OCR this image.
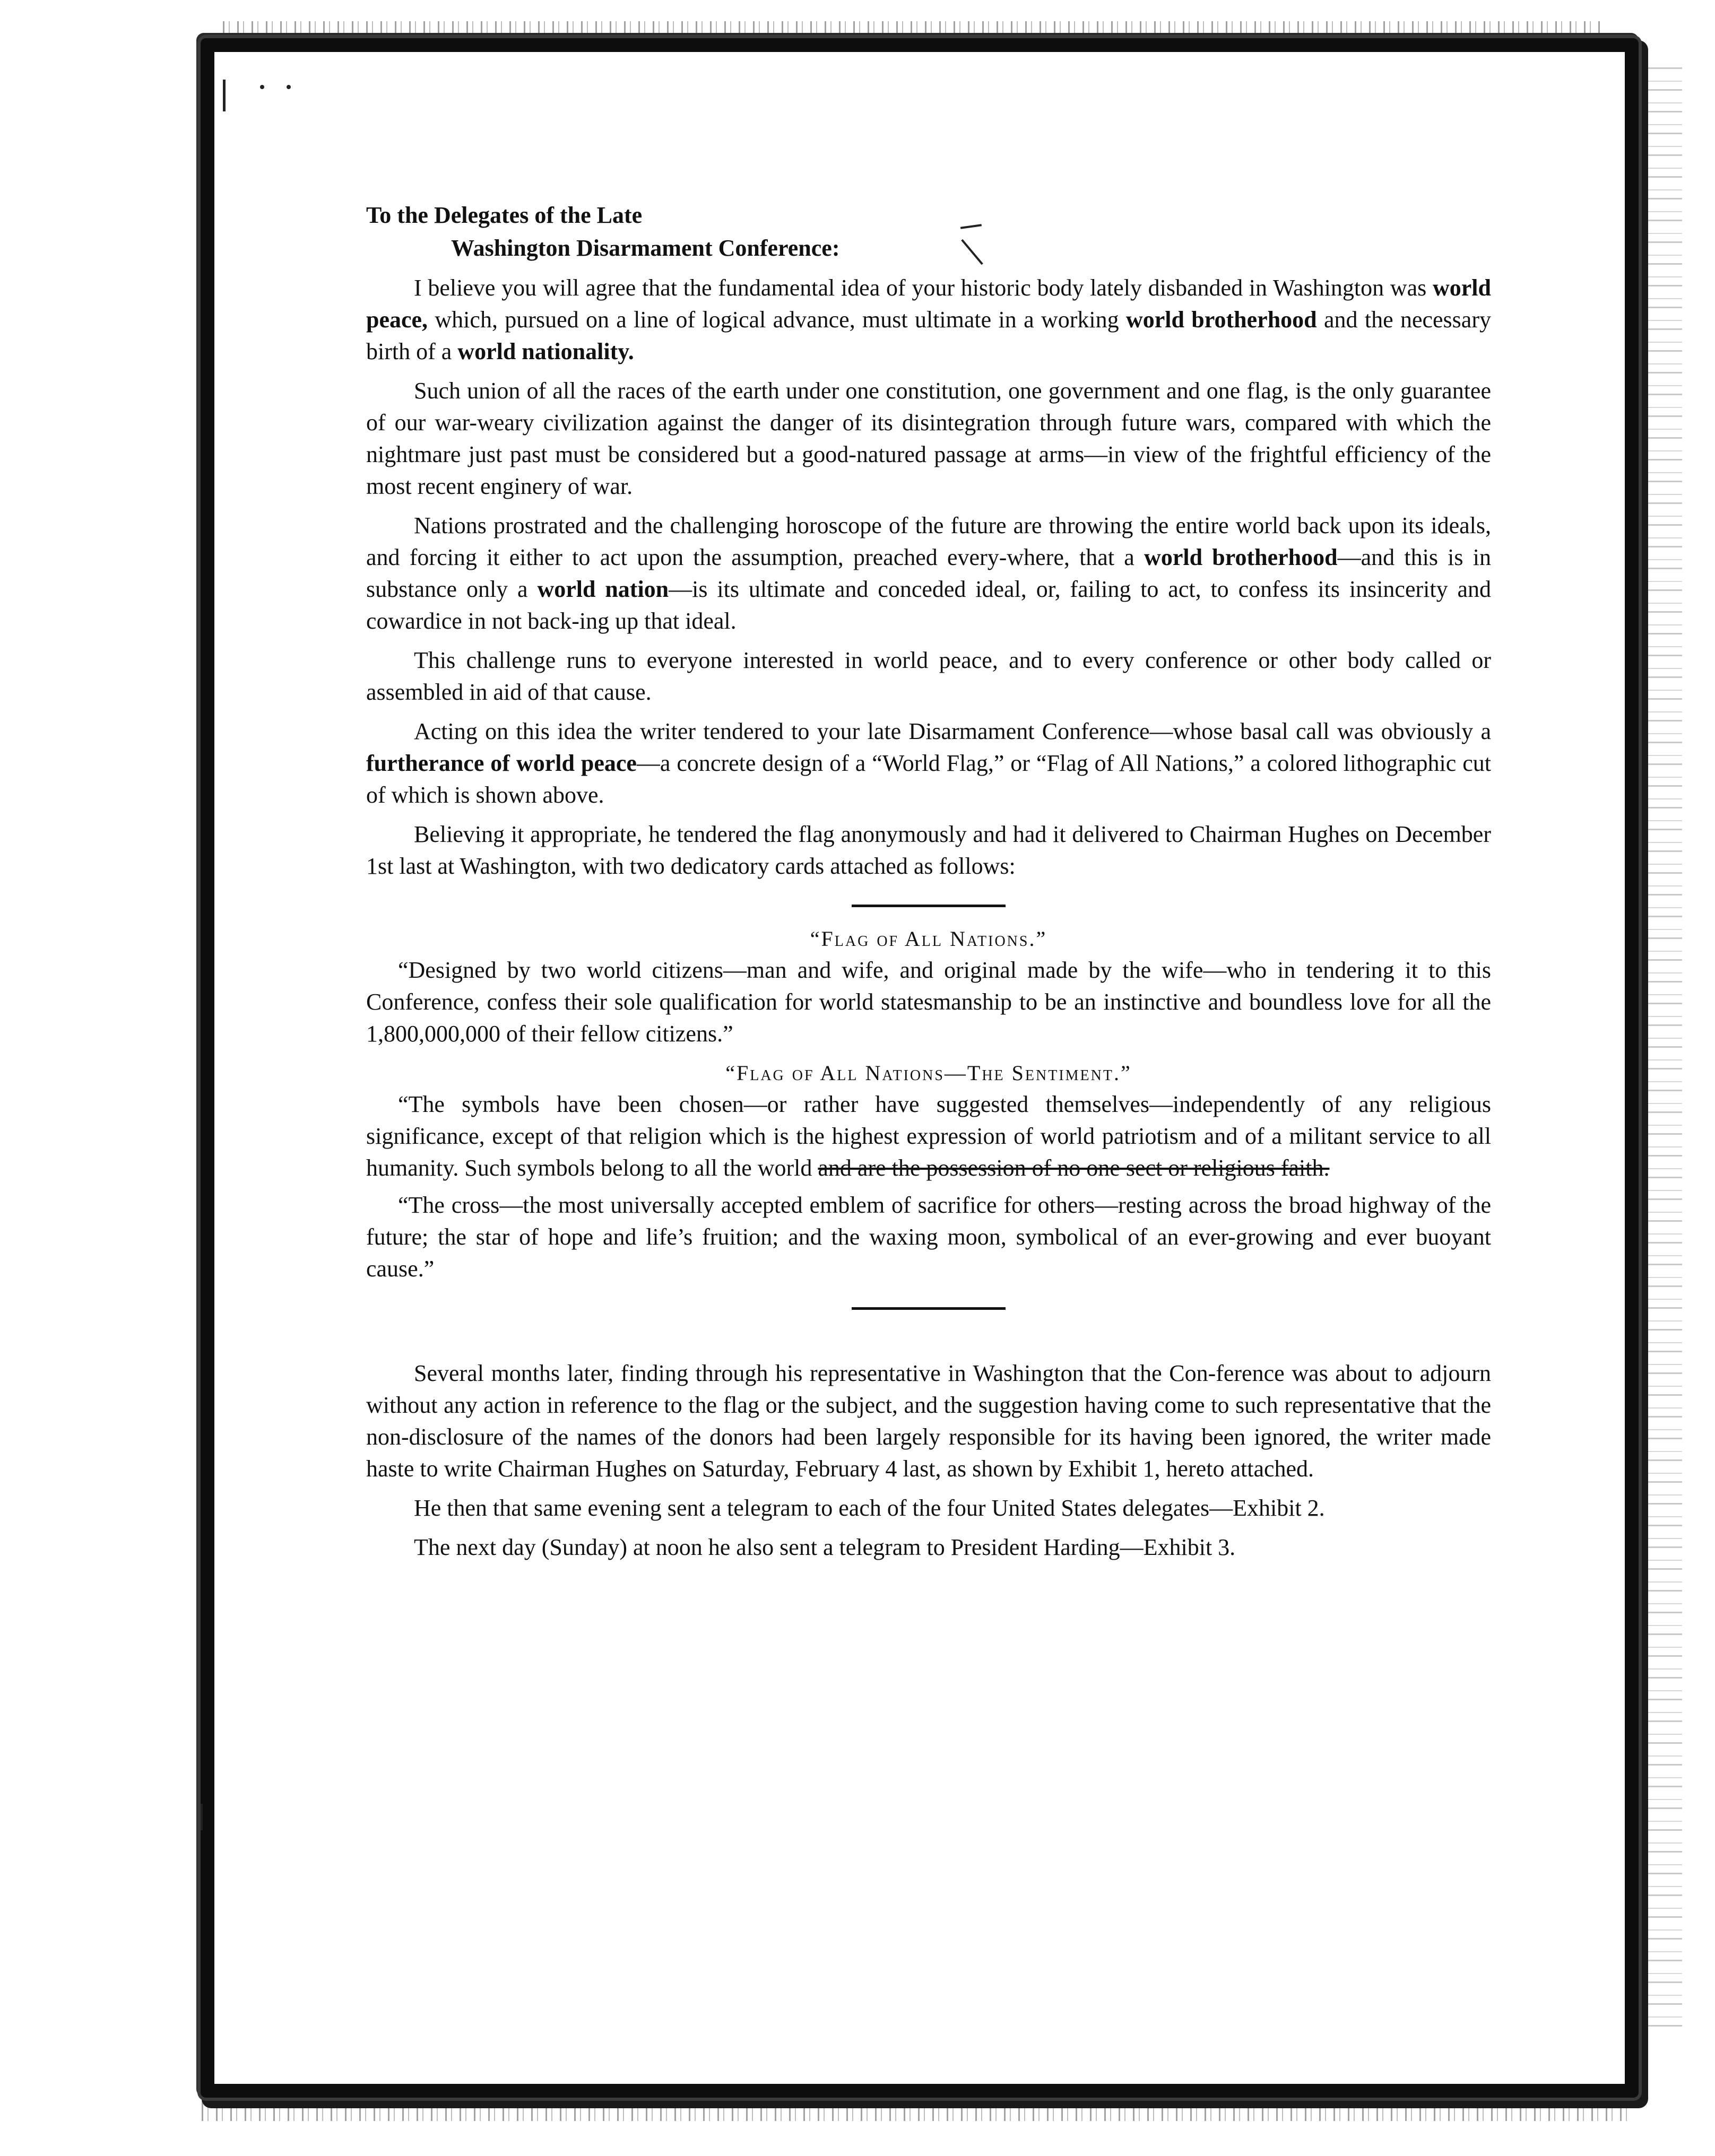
To the Delegates of the Late
Washington Disarmament Conference:

I believe you will agree that the fundamental idea of your historic body lately disbanded in Washington was world peace, which, pursued on a line of logical advance, must ultimate in a working world brotherhood and the necessary birth of a world nationality.

Such union of all the races of the earth under one constitution, one government and one flag, is the only guarantee of our war-weary civilization against the danger of its disintegration through future wars, compared with which the nightmare just past must be considered but a good-natured passage at arms—in view of the frightful efficiency of the most recent enginery of war.

Nations prostrated and the challenging horoscope of the future are throwing the entire world back upon its ideals, and forcing it either to act upon the assumption, preached every-where, that a world brotherhood—and this is in substance only a world nation—is its ultimate and conceded ideal, or, failing to act, to confess its insincerity and cowardice in not back-ing up that ideal.

This challenge runs to everyone interested in world peace, and to every conference or other body called or assembled in aid of that cause.

Acting on this idea the writer tendered to your late Disarmament Conference—whose basal call was obviously a furtherance of world peace—a concrete design of a “World Flag,” or “Flag of All Nations,” a colored lithographic cut of which is shown above.

Believing it appropriate, he tendered the flag anonymously and had it delivered to Chairman Hughes on December 1st last at Washington, with two dedicatory cards attached as follows:

“Flag of All Nations.”

“Designed by two world citizens—man and wife, and original made by the wife—who in tendering it to this Conference, confess their sole qualification for world statesmanship to be an instinctive and boundless love for all the 1,800,000,000 of their fellow citizens.”

“Flag of All Nations—The Sentiment.”

“The symbols have been chosen—or rather have suggested themselves—independently of any religious significance, except of that religion which is the highest expression of world patriotism and of a militant service to all humanity. Such symbols belong to all the world and are the possession of no one sect or religious faith.

“The cross—the most universally accepted emblem of sacrifice for others—resting across the broad highway of the future; the star of hope and life’s fruition; and the waxing moon, symbolical of an ever-growing and ever buoyant cause.”

Several months later, finding through his representative in Washington that the Con-ference was about to adjourn without any action in reference to the flag or the subject, and the suggestion having come to such representative that the non-disclosure of the names of the donors had been largely responsible for its having been ignored, the writer made haste to write Chairman Hughes on Saturday, February 4 last, as shown by Exhibit 1, hereto attached.

He then that same evening sent a telegram to each of the four United States delegates—Exhibit 2.

The next day (Sunday) at noon he also sent a telegram to President Harding—Exhibit 3.
